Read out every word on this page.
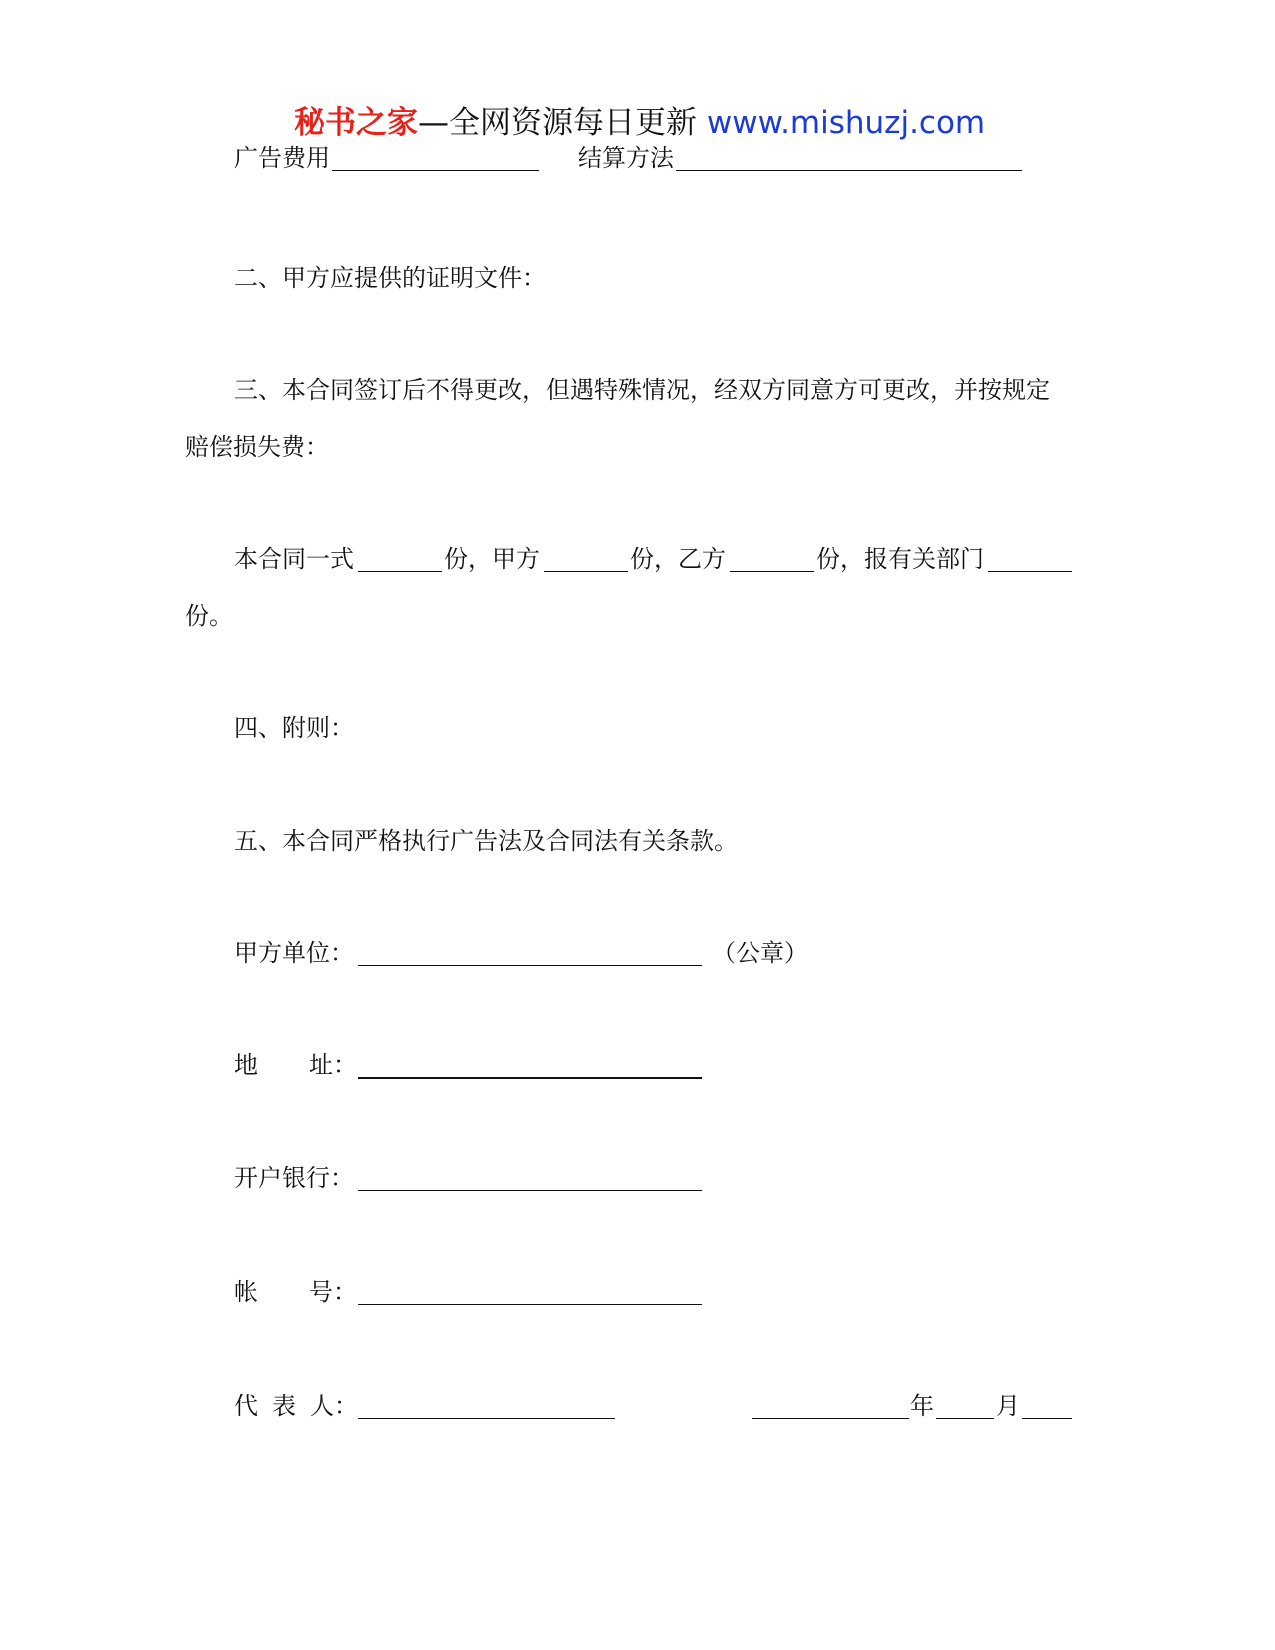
秘书之家—全网资源每日更新 www.mishuzj.com
广告费用	结算方法
二、甲方应提供的证明文件：
三、本合同签订后不得更改，但遇特殊情况，经双方同意方可更改，并按规定
赔偿损失费：
本合同一式	份，甲方	份，乙方	份，报有关部门
份。
四、附则：
五、本合同严格执行广告法及合同法有关条款。
甲方单位：	（公章）
地 址：
开户银行：
帐 号：
代 表 人：	年	月
